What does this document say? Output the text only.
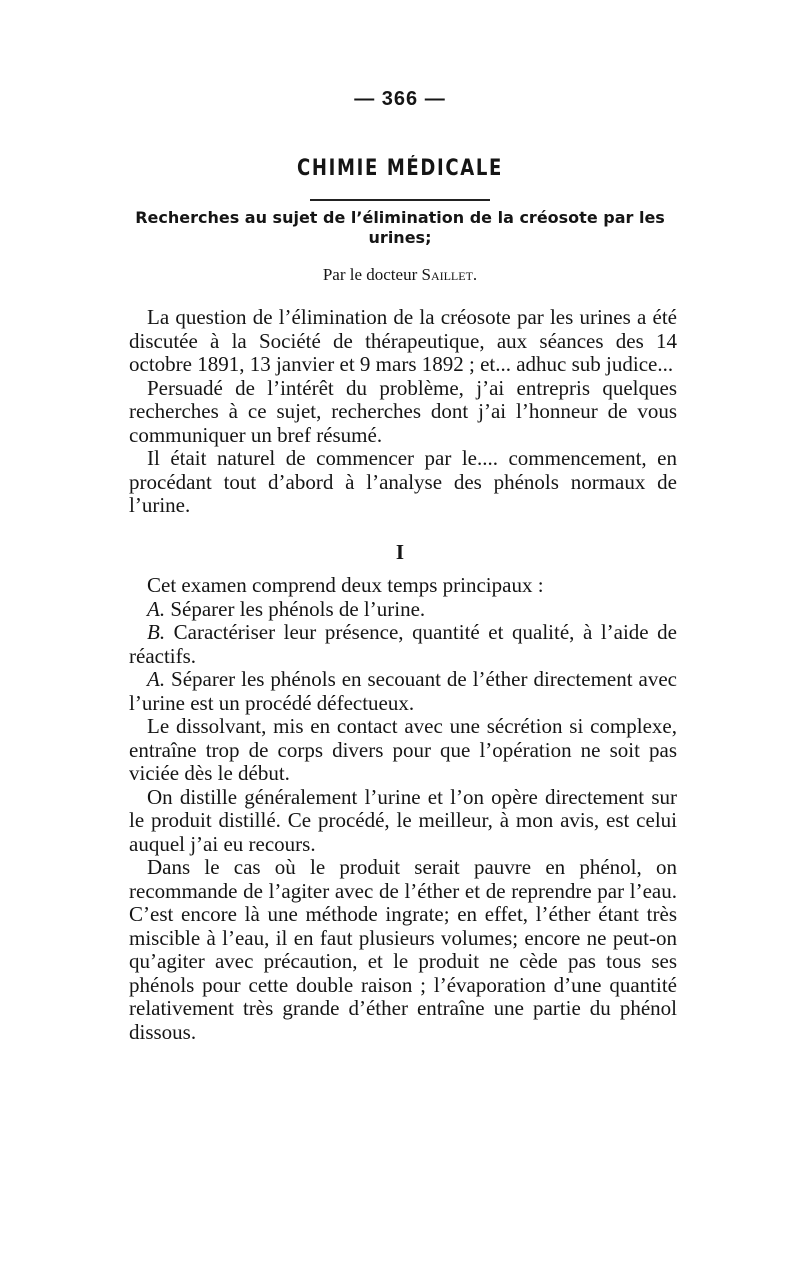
— 366 —
CHIMIE MÉDICALE
Recherches au sujet de l’élimination de la créosote par les urines;
Par le docteur Saillet.

La question de l’élimination de la créosote par les urines a été discutée à la Société de thérapeutique, aux séances des 14 octobre 1891, 13 janvier et 9 mars 1892 ; et... adhuc sub judice...

Persuadé de l’intérêt du problème, j’ai entrepris quelques recherches à ce sujet, recherches dont j’ai l’honneur de vous communiquer un bref résumé.

Il était naturel de commencer par le.... commencement, en procédant tout d’abord à l’analyse des phénols normaux de l’urine.

I

Cet examen comprend deux temps principaux :

A. Séparer les phénols de l’urine.

B. Caractériser leur présence, quantité et qualité, à l’aide de réactifs.

A. Séparer les phénols en secouant de l’éther directement avec l’urine est un procédé défectueux.

Le dissolvant, mis en contact avec une sécrétion si complexe, entraîne trop de corps divers pour que l’opération ne soit pas viciée dès le début.

On distille généralement l’urine et l’on opère directement sur le produit distillé. Ce procédé, le meilleur, à mon avis, est celui auquel j’ai eu recours.

Dans le cas où le produit serait pauvre en phénol, on recommande de l’agiter avec de l’éther et de reprendre par l’eau. C’est encore là une méthode ingrate; en effet, l’éther étant très miscible à l’eau, il en faut plusieurs volumes; encore ne peut-on qu’agiter avec précaution, et le produit ne cède pas tous ses phénols pour cette double raison ; l’évaporation d’une quantité relativement très grande d’éther entraîne une partie du phénol dissous.
